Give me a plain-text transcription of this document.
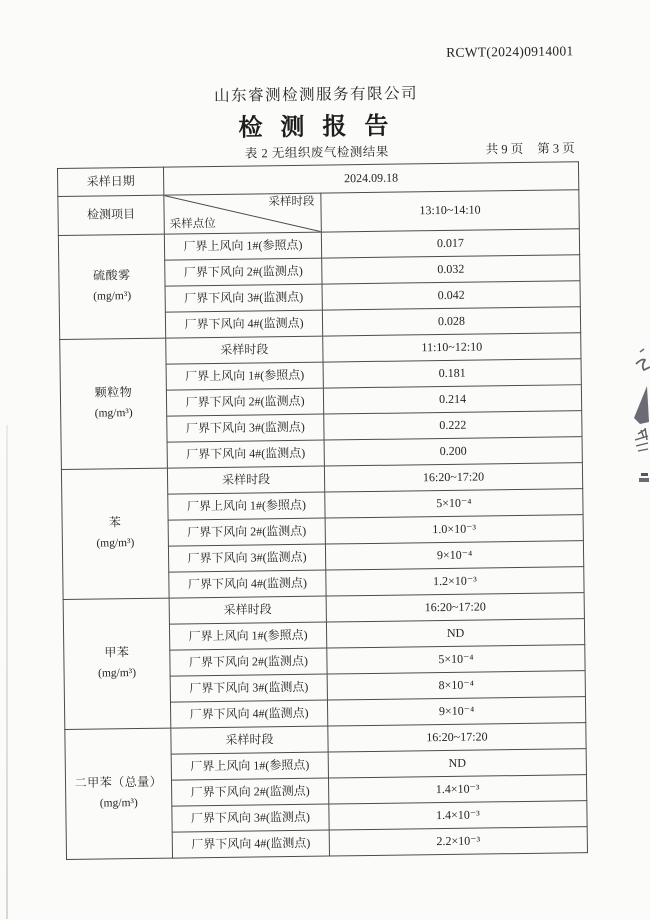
RCWT(2024)0914001
山东睿测检测服务有限公司
检 测 报 告
表 2 无组织废气检测结果	共 9 页 第 3 页
采样日期	2024.09.18	
检测项目	采样时段
采样点位	13:10~14:10

硫酸雾
(mg/m³)	厂界上风向 1#(参照点)	0.017
	厂界下风向 2#(监测点)	0.032
	厂界下风向 3#(监测点)	0.042
	厂界下风向 4#(监测点)	0.028

颗粒物
(mg/m³)	采样时段	11:10~12:10
	厂界上风向 1#(参照点)	0.181
	厂界下风向 2#(监测点)	0.214
	厂界下风向 3#(监测点)	0.222
	厂界下风向 4#(监测点)	0.200

苯
(mg/m³)	采样时段	16:20~17:20
	厂界上风向 1#(参照点)	5×10⁻⁴
	厂界下风向 2#(监测点)	1.0×10⁻³
	厂界下风向 3#(监测点)	9×10⁻⁴
	厂界下风向 4#(监测点)	1.2×10⁻³

甲苯
(mg/m³)	采样时段	16:20~17:20
	厂界上风向 1#(参照点)	ND
	厂界下风向 2#(监测点)	5×10⁻⁴
	厂界下风向 3#(监测点)	8×10⁻⁴
	厂界下风向 4#(监测点)	9×10⁻⁴

二甲苯（总量）
(mg/m³)	采样时段	16:20~17:20
	厂界上风向 1#(参照点)	ND
	厂界下风向 2#(监测点)	1.4×10⁻³
	厂界下风向 3#(监测点)	1.4×10⁻³
	厂界下风向 4#(监测点)	2.2×10⁻³
